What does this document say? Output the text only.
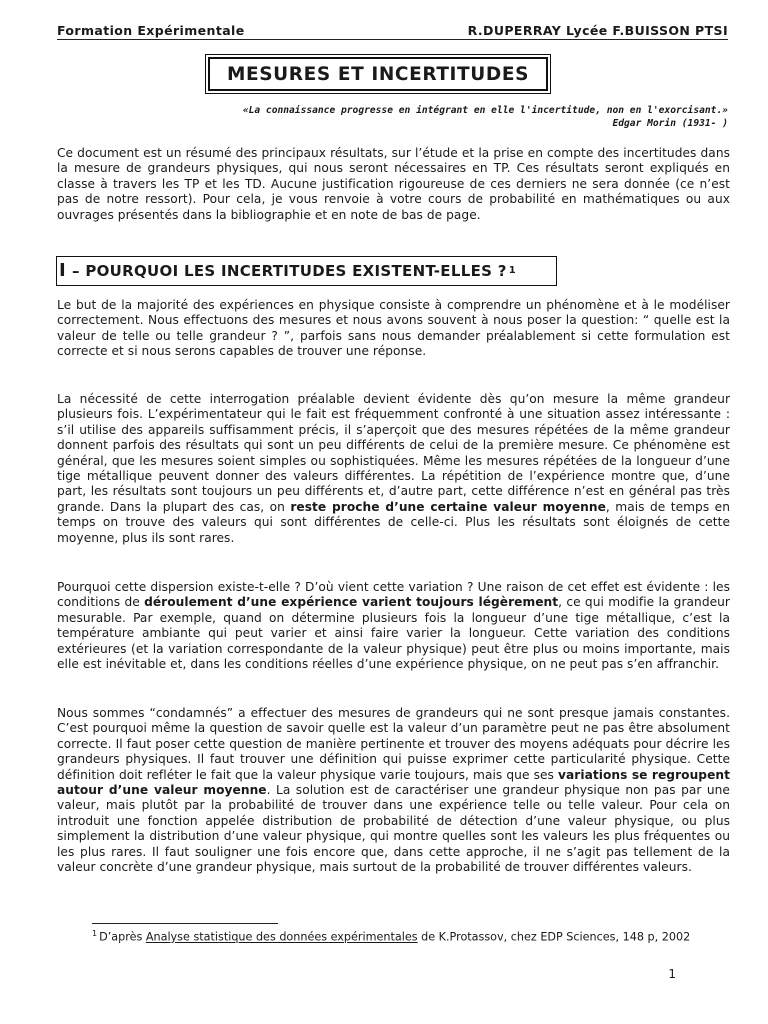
Formation Expérimentale	R.DUPERRAY Lycée F.BUISSON PTSI
MESURES ET INCERTITUDES
«La connaissance progresse en intégrant en elle l'incertitude, non en l'exorcisant.»
Edgar Morin (1931- )
Ce document est un résumé des principaux résultats, sur l’étude et la prise en compte des incertitudes dans la mesure de grandeurs physiques, qui nous seront nécessaires en TP. Ces résultats seront expliqués en classe à travers les TP et les TD. Aucune justification rigoureuse de ces derniers ne sera donnée (ce n’est pas de notre ressort). Pour cela, je vous renvoie à votre cours de probabilité en mathématiques ou aux ouvrages présentés dans la bibliographie et en note de bas de page.
I – POURQUOI LES INCERTITUDES EXISTENT-ELLES ? 1
Le but de la majorité des expériences en physique consiste à comprendre un phénomène et à le modéliser correctement. Nous effectuons des mesures et nous avons souvent à nous poser la question: “ quelle est la valeur de telle ou telle grandeur ? ”, parfois sans nous demander préalablement si cette formulation est correcte et si nous serons capables de trouver une réponse.
La nécessité de cette interrogation préalable devient évidente dès qu’on mesure la même grandeur plusieurs fois. L’expérimentateur qui le fait est fréquemment confronté à une situation assez intéressante : s’il utilise des appareils suffisamment précis, il s’aperçoit que des mesures répétées de la même grandeur donnent parfois des résultats qui sont un peu différents de celui de la première mesure. Ce phénomène est général, que les mesures soient simples ou sophistiquées. Même les mesures répétées de la longueur d’une tige métallique peuvent donner des valeurs différentes. La répétition de l’expérience montre que, d’une part, les résultats sont toujours un peu différents et, d’autre part, cette différence n’est en général pas très grande. Dans la plupart des cas, on reste proche d’une certaine valeur moyenne, mais de temps en temps on trouve des valeurs qui sont différentes de celle-ci. Plus les résultats sont éloignés de cette moyenne, plus ils sont rares.
Pourquoi cette dispersion existe-t-elle ? D’où vient cette variation ? Une raison de cet effet est évidente : les conditions de déroulement d’une expérience varient toujours légèrement, ce qui modifie la grandeur mesurable. Par exemple, quand on détermine plusieurs fois la longueur d’une tige métallique, c’est la température ambiante qui peut varier et ainsi faire varier la longueur. Cette variation des conditions extérieures (et la variation correspondante de la valeur physique) peut être plus ou moins importante, mais elle est inévitable et, dans les conditions réelles d’une expérience physique, on ne peut pas s’en affranchir.
Nous sommes “condamnés” a effectuer des mesures de grandeurs qui ne sont presque jamais constantes. C’est pourquoi même la question de savoir quelle est la valeur d’un paramètre peut ne pas être absolument correcte. Il faut poser cette question de manière pertinente et trouver des moyens adéquats pour décrire les grandeurs physiques. Il faut trouver une définition qui puisse exprimer cette particularité physique. Cette définition doit refléter le fait que la valeur physique varie toujours, mais que ses variations se regroupent autour d’une valeur moyenne. La solution est de caractériser une grandeur physique non pas par une valeur, mais plutôt par la probabilité de trouver dans une expérience telle ou telle valeur. Pour cela on introduit une fonction appelée distribution de probabilité de détection d’une valeur physique, ou plus simplement la distribution d’une valeur physique, qui montre quelles sont les valeurs les plus fréquentes ou les plus rares. Il faut souligner une fois encore que, dans cette approche, il ne s’agit pas tellement de la valeur concrète d’une grandeur physique, mais surtout de la probabilité de trouver différentes valeurs.
$^1$ D’après Analyse statistique des données expérimentales de K.Protassov, chez EDP Sciences, 148 p, 2002
1
